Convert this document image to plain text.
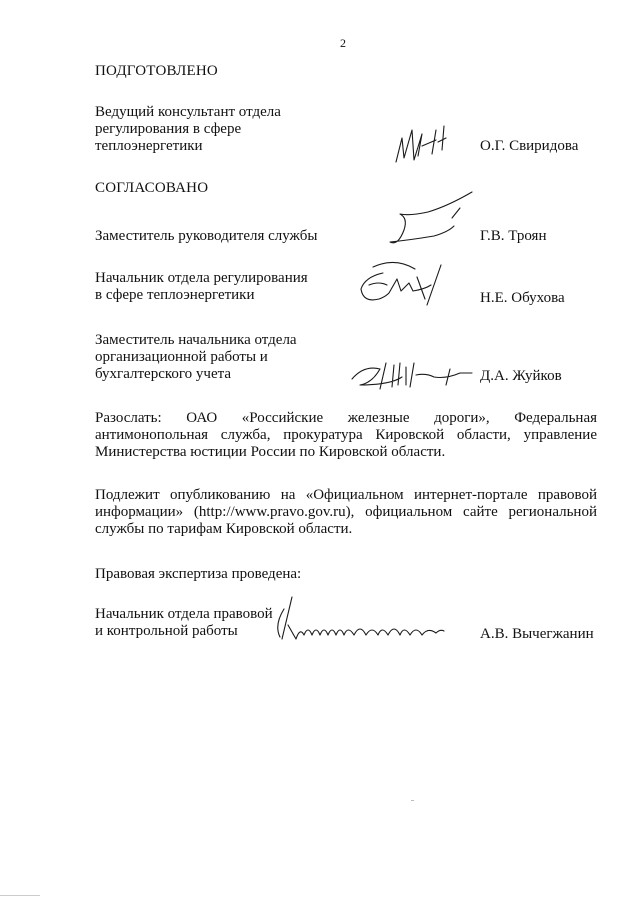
2
ПОДГОТОВЛЕНО
Ведущий консультант отдела
регулирования в сфере
теплоэнергетики	О.Г. Свиридова
СОГЛАСОВАНО
Заместитель руководителя службы	Г.В. Троян
Начальник отдела регулирования
в сфере теплоэнергетики	Н.Е. Обухова
Заместитель начальника отдела
организационной работы и
бухгалтерского учета	Д.А. Жуйков
Разослать: ОАО «Российские железные дороги», Федеральная
антимонопольная служба, прокуратура Кировской области, управление
Министерства юстиции России по Кировской области.
Подлежит опубликованию на «Официальном интернет-портале правовой
информации» (http://www.pravo.gov.ru), официальном сайте региональной
службы по тарифам Кировской области.
Правовая экспертиза проведена:
Начальник отдела правовой
и контрольной работы	А.В. Вычегжанин
